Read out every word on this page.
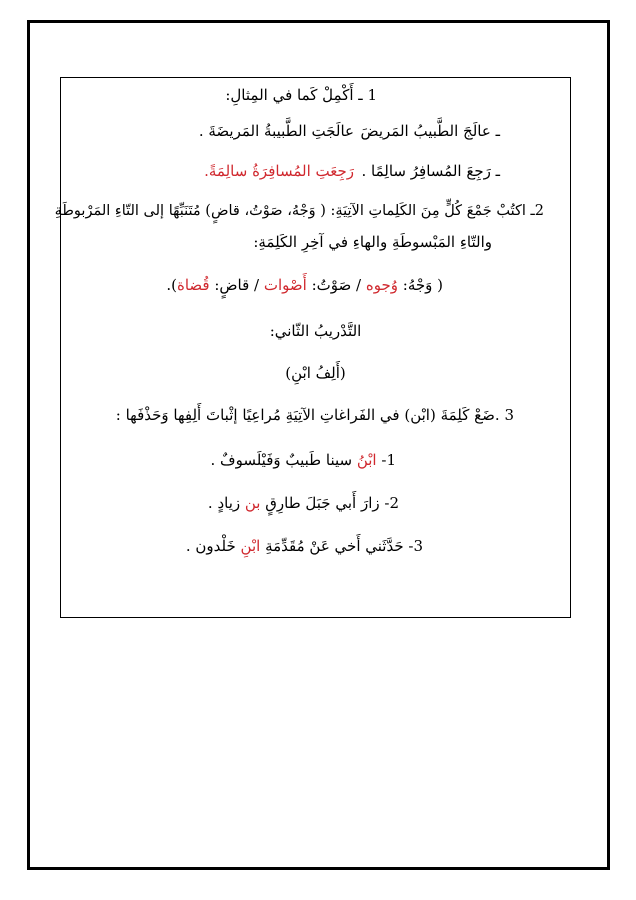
1 ـ أَكْمِلْ كَما في المِثالِ:
ـ عالَجَ الطَّبيبُ المَريضَ
عالَجَتِ الطَّبيبةُ المَريضَةَ .
ـ رَجِعَ المُسافِرُ سالِمًا .
رَجِعَتِ المُسافِرَةُ سالِمَةً.
2ـ اكتُبْ جَمْعَ كُلٍّ مِنَ الكَلِماتِ الآتِيَةِ: ( وَجْهُ، صَوْتُ، قاضٍ) مُتَنَبِّهًا إلى التّاءِ المَرْبوطَةِ
والتّاءِ المَبْسوطَةِ والهاءِ في آخِرِ الكَلِمَةِ:
( وَجْهُ: وُجوه / صَوْتُ: أَصْوات / قاضٍ: قُضاة).
التَّدْريبُ الثّاني:
(أَلِفُ ابْنِ)
3 .ضَعْ كَلِمَةَ (ابْن) في الفَراغاتِ الآتِيَةِ مُراعِيًا إثْباتَ أَلِفِها وَحَذْفَها :
1- ابْنُ سينا طَبيبٌ وَفَيْلَسوفٌ .
2- زارَ أَبي جَبَلَ طارِقٍ بن زيادٍ .
3- حَدَّثَني أَخي عَنْ مُقَدِّمَةِ ابْنِ خَلْدون .
